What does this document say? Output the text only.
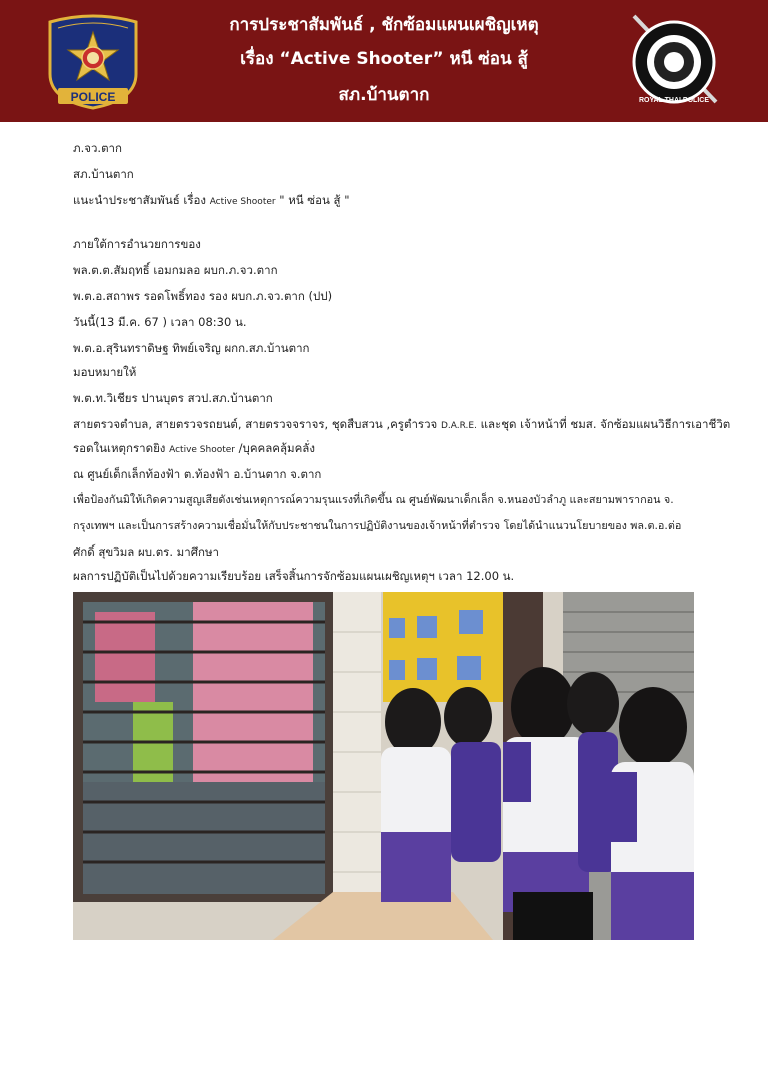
POLICE
การประชาสัมพันธ์ , ชักซ้อมแผนเผชิญเหตุ
เรื่อง “Active Shooter” หนี ซ่อน สู้
สภ.บ้านตาก	ROYAL THAI POLICE
ภ.จว.ตาก
สภ.บ้านตาก
แนะนำประชาสัมพันธ์ เรื่อง Active Shooter " หนี ซ่อน สู้ "
ภายใต้การอำนวยการของ
พล.ต.ต.สัมฤทธิ์ เอมกมลอ ผบก.ภ.จว.ตาก
พ.ต.อ.สถาพร รอดโพธิ์ทอง รอง ผบก.ภ.จว.ตาก (ปป)
วันนี้(13 มี.ค. 67 ) เวลา 08:30 น.
พ.ต.อ.สุรินทราดิษฐ ทิพย์เจริญ ผกก.สภ.บ้านตาก
มอบหมายให้
พ.ต.ท.วิเชียร ปานบุตร สวป.สภ.บ้านตาก
สายตรวจตำบล, สายตรวจรถยนต์, สายตรวจจราจร, ชุดสืบสวน ,ครูตำรวจ D.A.R.E. และชุด เจ้าหน้าที่ ชมส. จักซ้อมแผนวิธีการเอาชีวิต
รอดในเหตุกราดยิง Active Shooter /บุคคลคลุ้มคลั่ง
ณ ศูนย์เด็กเล็กท้องฟ้า ต.ท้องฟ้า อ.บ้านตาก จ.ตาก
เพื่อป้องกันมิให้เกิดความสูญเสียดังเช่นเหตุการณ์ความรุนแรงที่เกิดขึ้น ณ ศูนย์พัฒนาเด็กเล็ก จ.หนองบัวลำภู และสยามพารากอน จ.
กรุงเทพฯ และเป็นการสร้างความเชื่อมั่นให้กับประชาชนในการปฏิบัติงานของเจ้าหน้าที่ตำรวจ โดยได้นำแนวนโยบายของ พล.ต.อ.ต่อ
ศักดิ์ สุขวิมล ผบ.ตร. มาศึกษา
ผลการปฏิบัติเป็นไปด้วยความเรียบร้อย เสร็จสิ้นการจักซ้อมแผนเผชิญเหตุฯ เวลา 12.00 น.
